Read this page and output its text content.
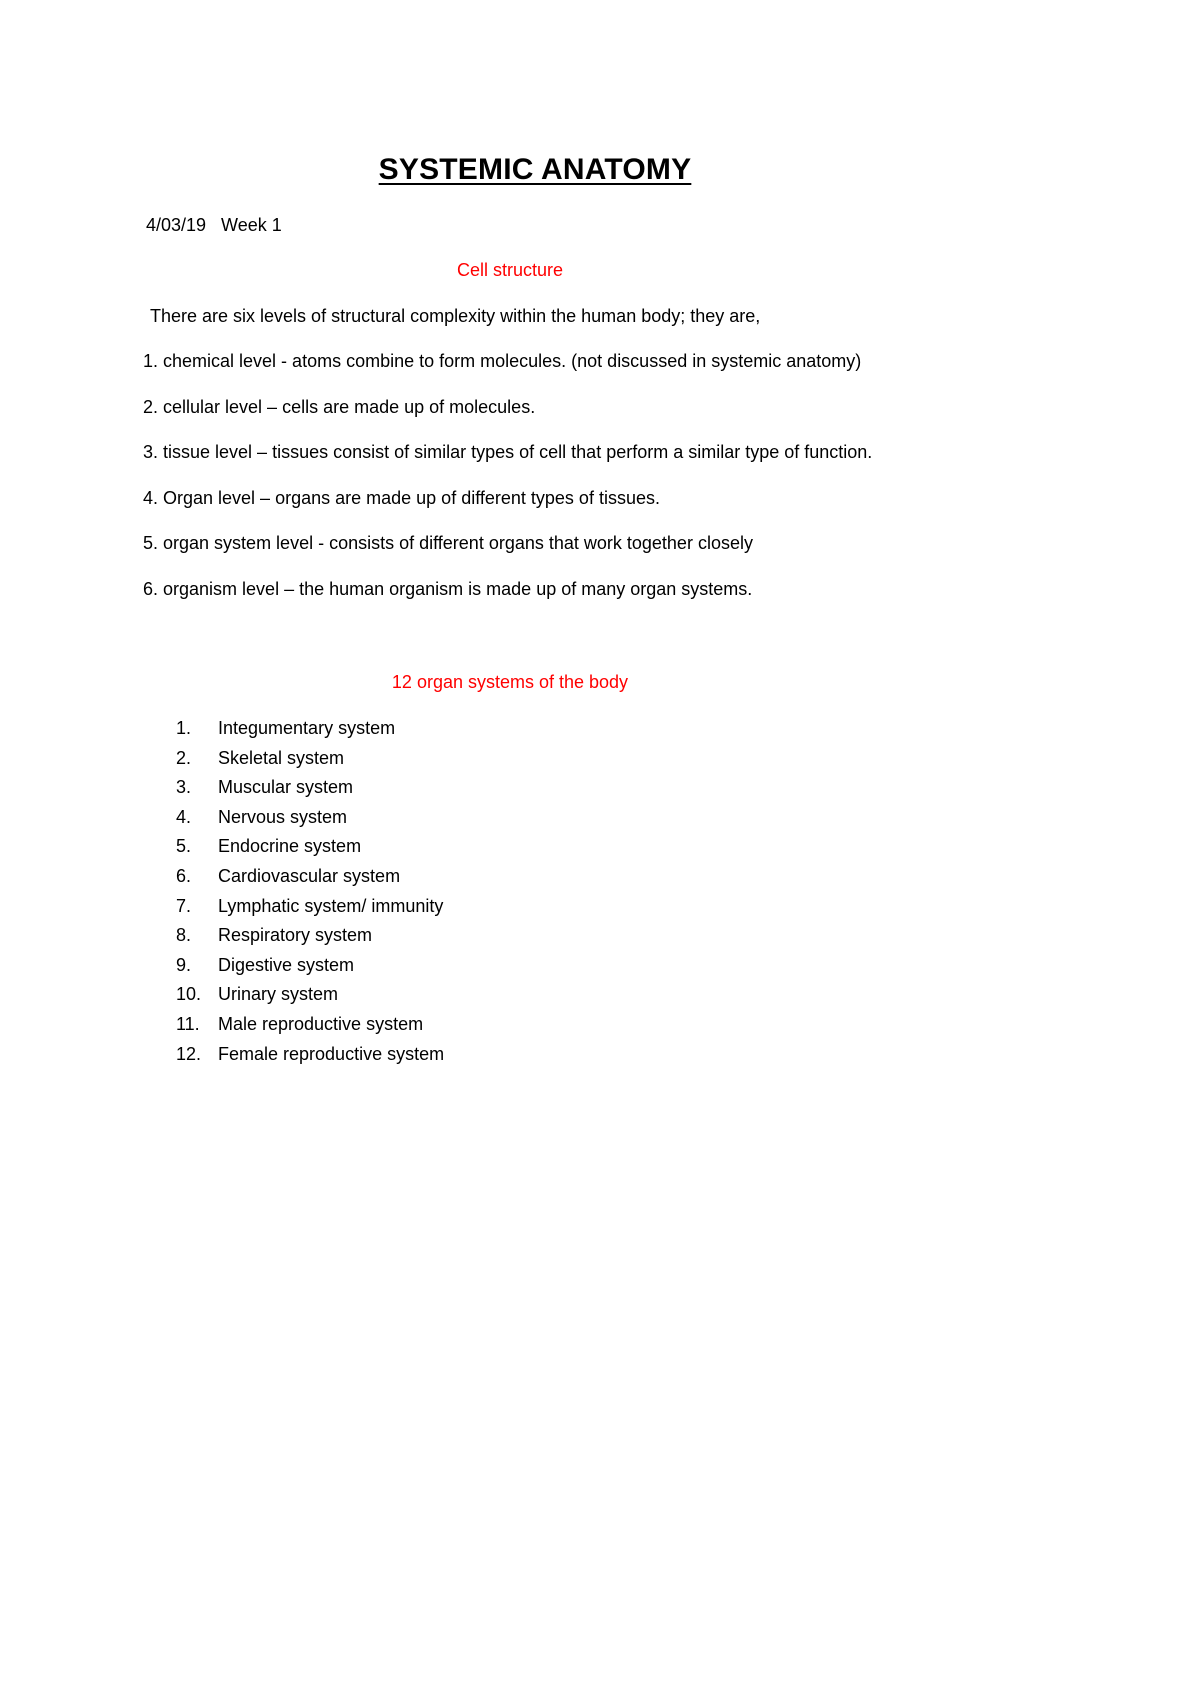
SYSTEMIC ANATOMY
4/03/19   Week 1
Cell structure
There are six levels of structural complexity within the human body; they are,
1. chemical level - atoms combine to form molecules. (not discussed in systemic anatomy)
2. cellular level – cells are made up of molecules.
3. tissue level – tissues consist of similar types of cell that perform a similar type of function.
4. Organ level – organs are made up of different types of tissues.
5. organ system level - consists of different organs that work together closely
6. organism level – the human organism is made up of many organ systems.
12 organ systems of the body
1. Integumentary system
2. Skeletal system
3. Muscular system
4. Nervous system
5. Endocrine system
6. Cardiovascular system
7. Lymphatic system/ immunity
8. Respiratory system
9. Digestive system
10. Urinary system
11. Male reproductive system
12. Female reproductive system
